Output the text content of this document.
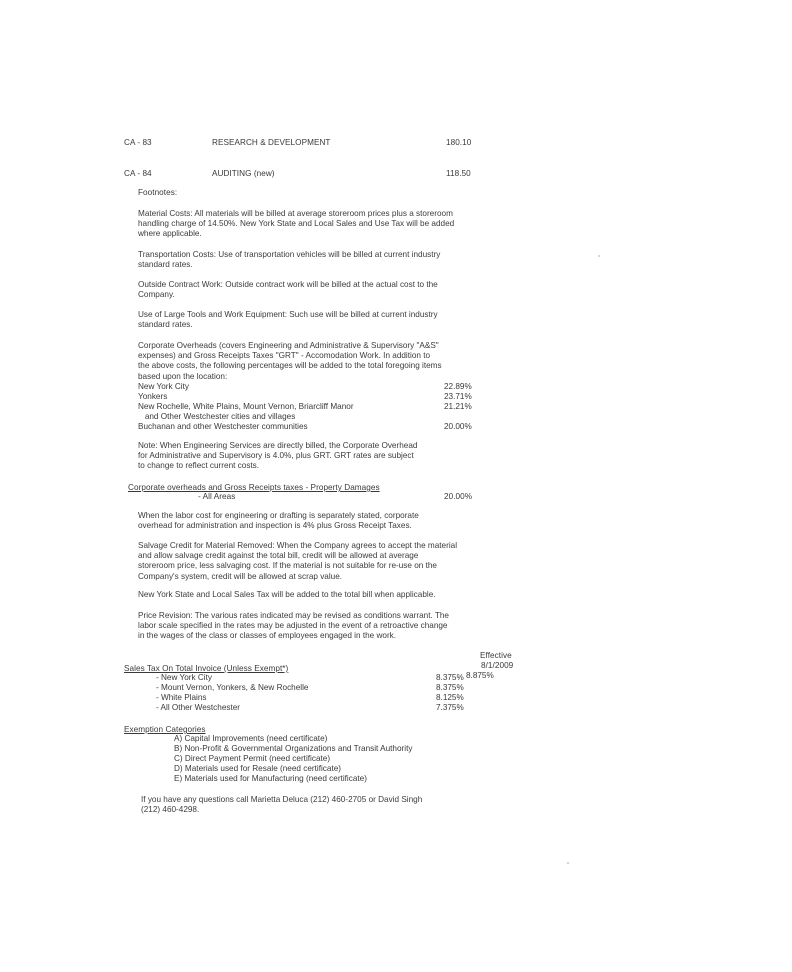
CA - 83	RESEARCH & DEVELOPMENT	180.10
CA - 84	AUDITING (new)	118.50
Footnotes:
Material Costs: All materials will be billed at average storeroom prices plus a storeroom
handling charge of 14.50%. New York State and Local Sales and Use Tax will be added
where applicable.
Transportation Costs: Use of transportation vehicles will be billed at current industry
standard rates.
Outside Contract Work: Outside contract work will be billed at the actual cost to the
Company.
Use of Large Tools and Work Equipment: Such use will be billed at current industry
standard rates.
Corporate Overheads (covers Engineering and Administrative & Supervisory "A&S"
expenses) and Gross Receipts Taxes "GRT" - Accomodation Work. In addition to
the above costs, the following percentages will be added to the total foregoing items
based upon the location:
New York City	22.89%
Yonkers	23.71%
New Rochelle, White Plains, Mount Vernon, Briarcliff Manor	21.21%
and Other Westchester cities and villages
Buchanan and other Westchester communities	20.00%
Note: When Engineering Services are directly billed, the Corporate Overhead
for Administrative and Supervisory is 4.0%, plus GRT. GRT rates are subject
to change to reflect current costs.
Corporate overheads and Gross Receipts taxes - Property Damages
- All Areas	20.00%
When the labor cost for engineering or drafting is separately stated, corporate
overhead for administration and inspection is 4% plus Gross Receipt Taxes.
Salvage Credit for Material Removed: When the Company agrees to accept the material
and allow salvage credit against the total bill, credit will be allowed at average
storeroom price, less salvaging cost. If the material is not suitable for re-use on the
Company's system, credit will be allowed at scrap value.
New York State and Local Sales Tax will be added to the total bill when applicable.
Price Revision: The various rates indicated may be revised as conditions warrant. The
labor scale specified in the rates may be adjusted in the event of a retroactive change
in the wages of the class or classes of employees engaged in the work.
Effective
8/1/2009
Sales Tax On Total Invoice (Unless Exempt*)
- New York City	8.375% 8.875%
- Mount Vernon, Yonkers, & New Rochelle	8.375%
- White Plains	8.125%
- All Other Westchester	7.375%
Exemption Categories
A) Capital Improvements (need certificate)
B) Non-Profit & Governmental Organizations and Transit Authority
C) Direct Payment Permit (need certificate)
D) Materials used for Resale (need certificate)
E) Materials used for Manufacturing (need certificate)
If you have any questions call Marietta Deluca (212) 460-2705 or David Singh
(212) 460-4298.
